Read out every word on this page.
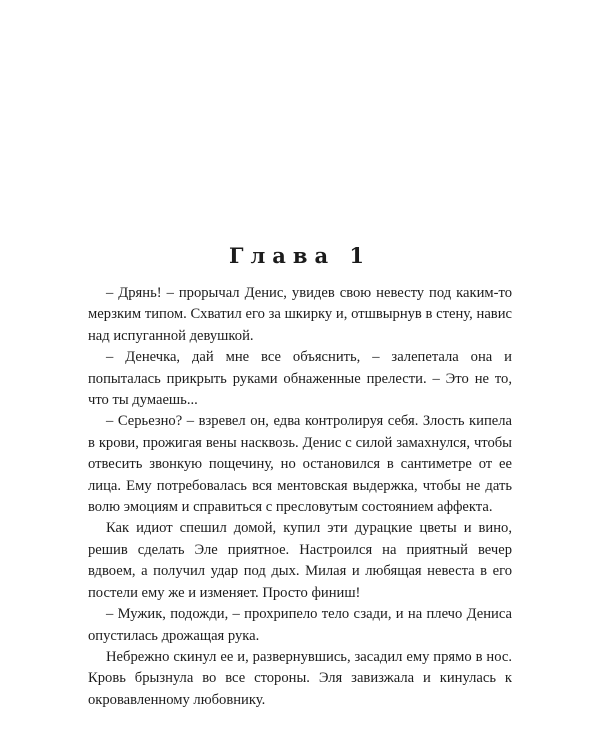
Глава 1

– Дрянь! – прорычал Денис, увидев свою невесту под каким-то мерзким типом. Схватил его за шкирку и, отшвырнув в стену, навис над испуганной девушкой.

– Денечка, дай мне все объяснить, – залепетала она и попыталась прикрыть руками обнаженные прелести. – Это не то, что ты думаешь...

– Серьезно? – взревел он, едва контролируя себя. Злость кипела в крови, прожигая вены насквозь. Денис с силой замахнулся, чтобы отвесить звонкую пощечину, но остановился в сантиметре от ее лица. Ему потребовалась вся ментовская выдержка, чтобы не дать волю эмоциям и справиться с пресловутым состоянием аффекта.

Как идиот спешил домой, купил эти дурацкие цветы и вино, решив сделать Эле приятное. Настроился на приятный вечер вдвоем, а получил удар под дых. Милая и любящая невеста в его постели ему же и изменяет. Просто финиш!

– Мужик, подожди, – прохрипело тело сзади, и на плечо Дениса опустилась дрожащая рука.

Небрежно скинул ее и, развернувшись, засадил ему прямо в нос. Кровь брызнула во все стороны. Эля завизжала и кинулась к окровавленному любовнику.
